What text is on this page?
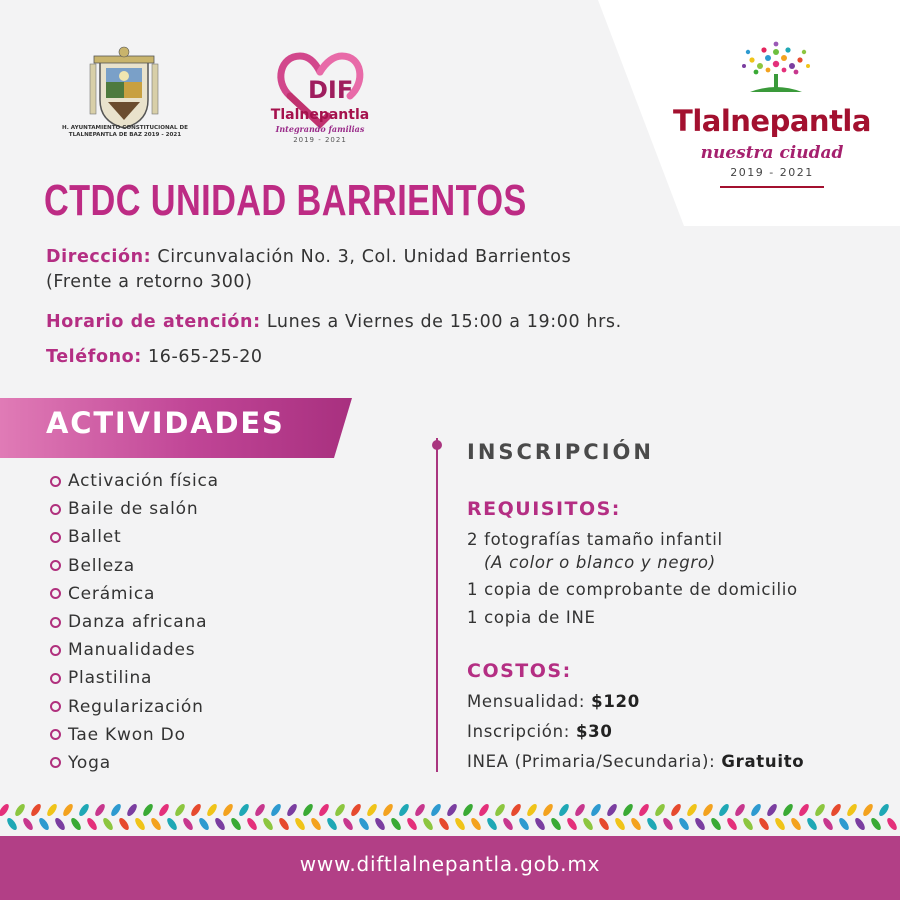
H. AYUNTAMIENTO CONSTITUCIONAL DE TLALNEPANTLA DE BAZ 2019 - 2021
DIF
Tlalnepantla
Integrando familias
2019 - 2021
Tlalnepantla
nuestra ciudad
2019 - 2021
CTDC UNIDAD BARRIENTOS
Dirección: Circunvalación No. 3, Col. Unidad Barrientos
(Frente a retorno 300)
Horario de atención: Lunes a Viernes de 15:00 a 19:00 hrs.
Teléfono: 16-65-25-20
ACTIVIDADES
Activación física
Baile de salón
Ballet
Belleza
Cerámica
Danza africana
Manualidades
Plastilina
Regularización
Tae Kwon Do
Yoga
INSCRIPCIÓN
REQUISITOS:
2 fotografías tamaño infantil
(A color o blanco y negro)
1 copia de comprobante de domicilio
1 copia de INE
COSTOS:
Mensualidad: $120
Inscripción: $30
INEA (Primaria/Secundaria): Gratuito
www.diftlalnepantla.gob.mx
